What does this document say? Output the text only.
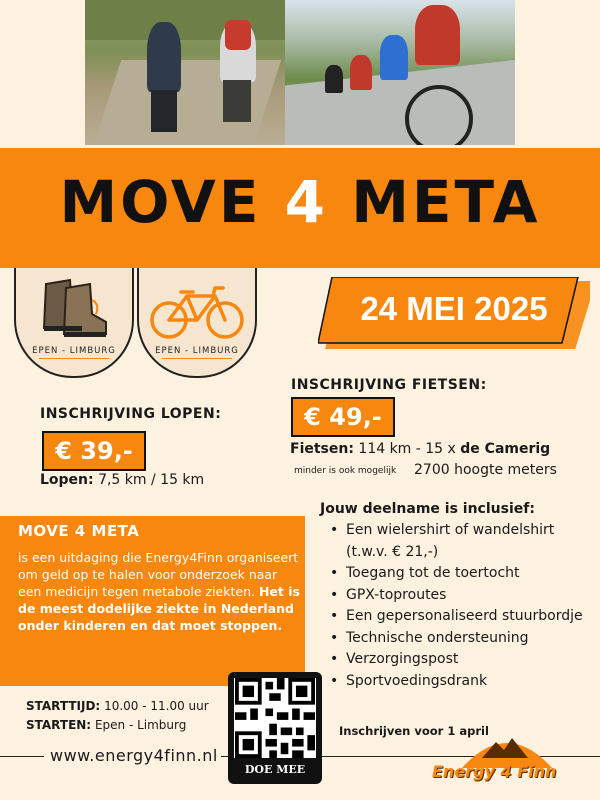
MOVE 4 META
EPEN - LIMBURG	EPEN - LIMBURG
24 MEI 2025
INSCHRIJVING FIETSEN:
€ 49,-
Fietsen: 114 km - 15 x de Camerig
minder is ook mogelijk 2700 hoogte meters
INSCHRIJVING LOPEN:
€ 39,-
Lopen: 7,5 km / 15 km
MOVE 4 META
is een uitdaging die Energy4Finn organiseert om geld op te halen voor onderzoek naar een medicijn tegen metabole ziekten. Het is de meest dodelijke ziekte in Nederland onder kinderen en dat moet stoppen.
Jouw deelname is inclusief:
• Een wielershirt of wandelshirt (t.w.v. € 21,-)
• Toegang tot de toertocht
• GPX-toproutes
• Een gepersonaliseerd stuurbordje
• Technische ondersteuning
• Verzorgingspost
• Sportvoedingsdrank
Inschrijven voor 1 april
STARTTIJD: 10.00 - 11.00 uur
STARTEN: Epen - Limburg
www.energy4finn.nl
DOE MEE	Energy 4 Finn
